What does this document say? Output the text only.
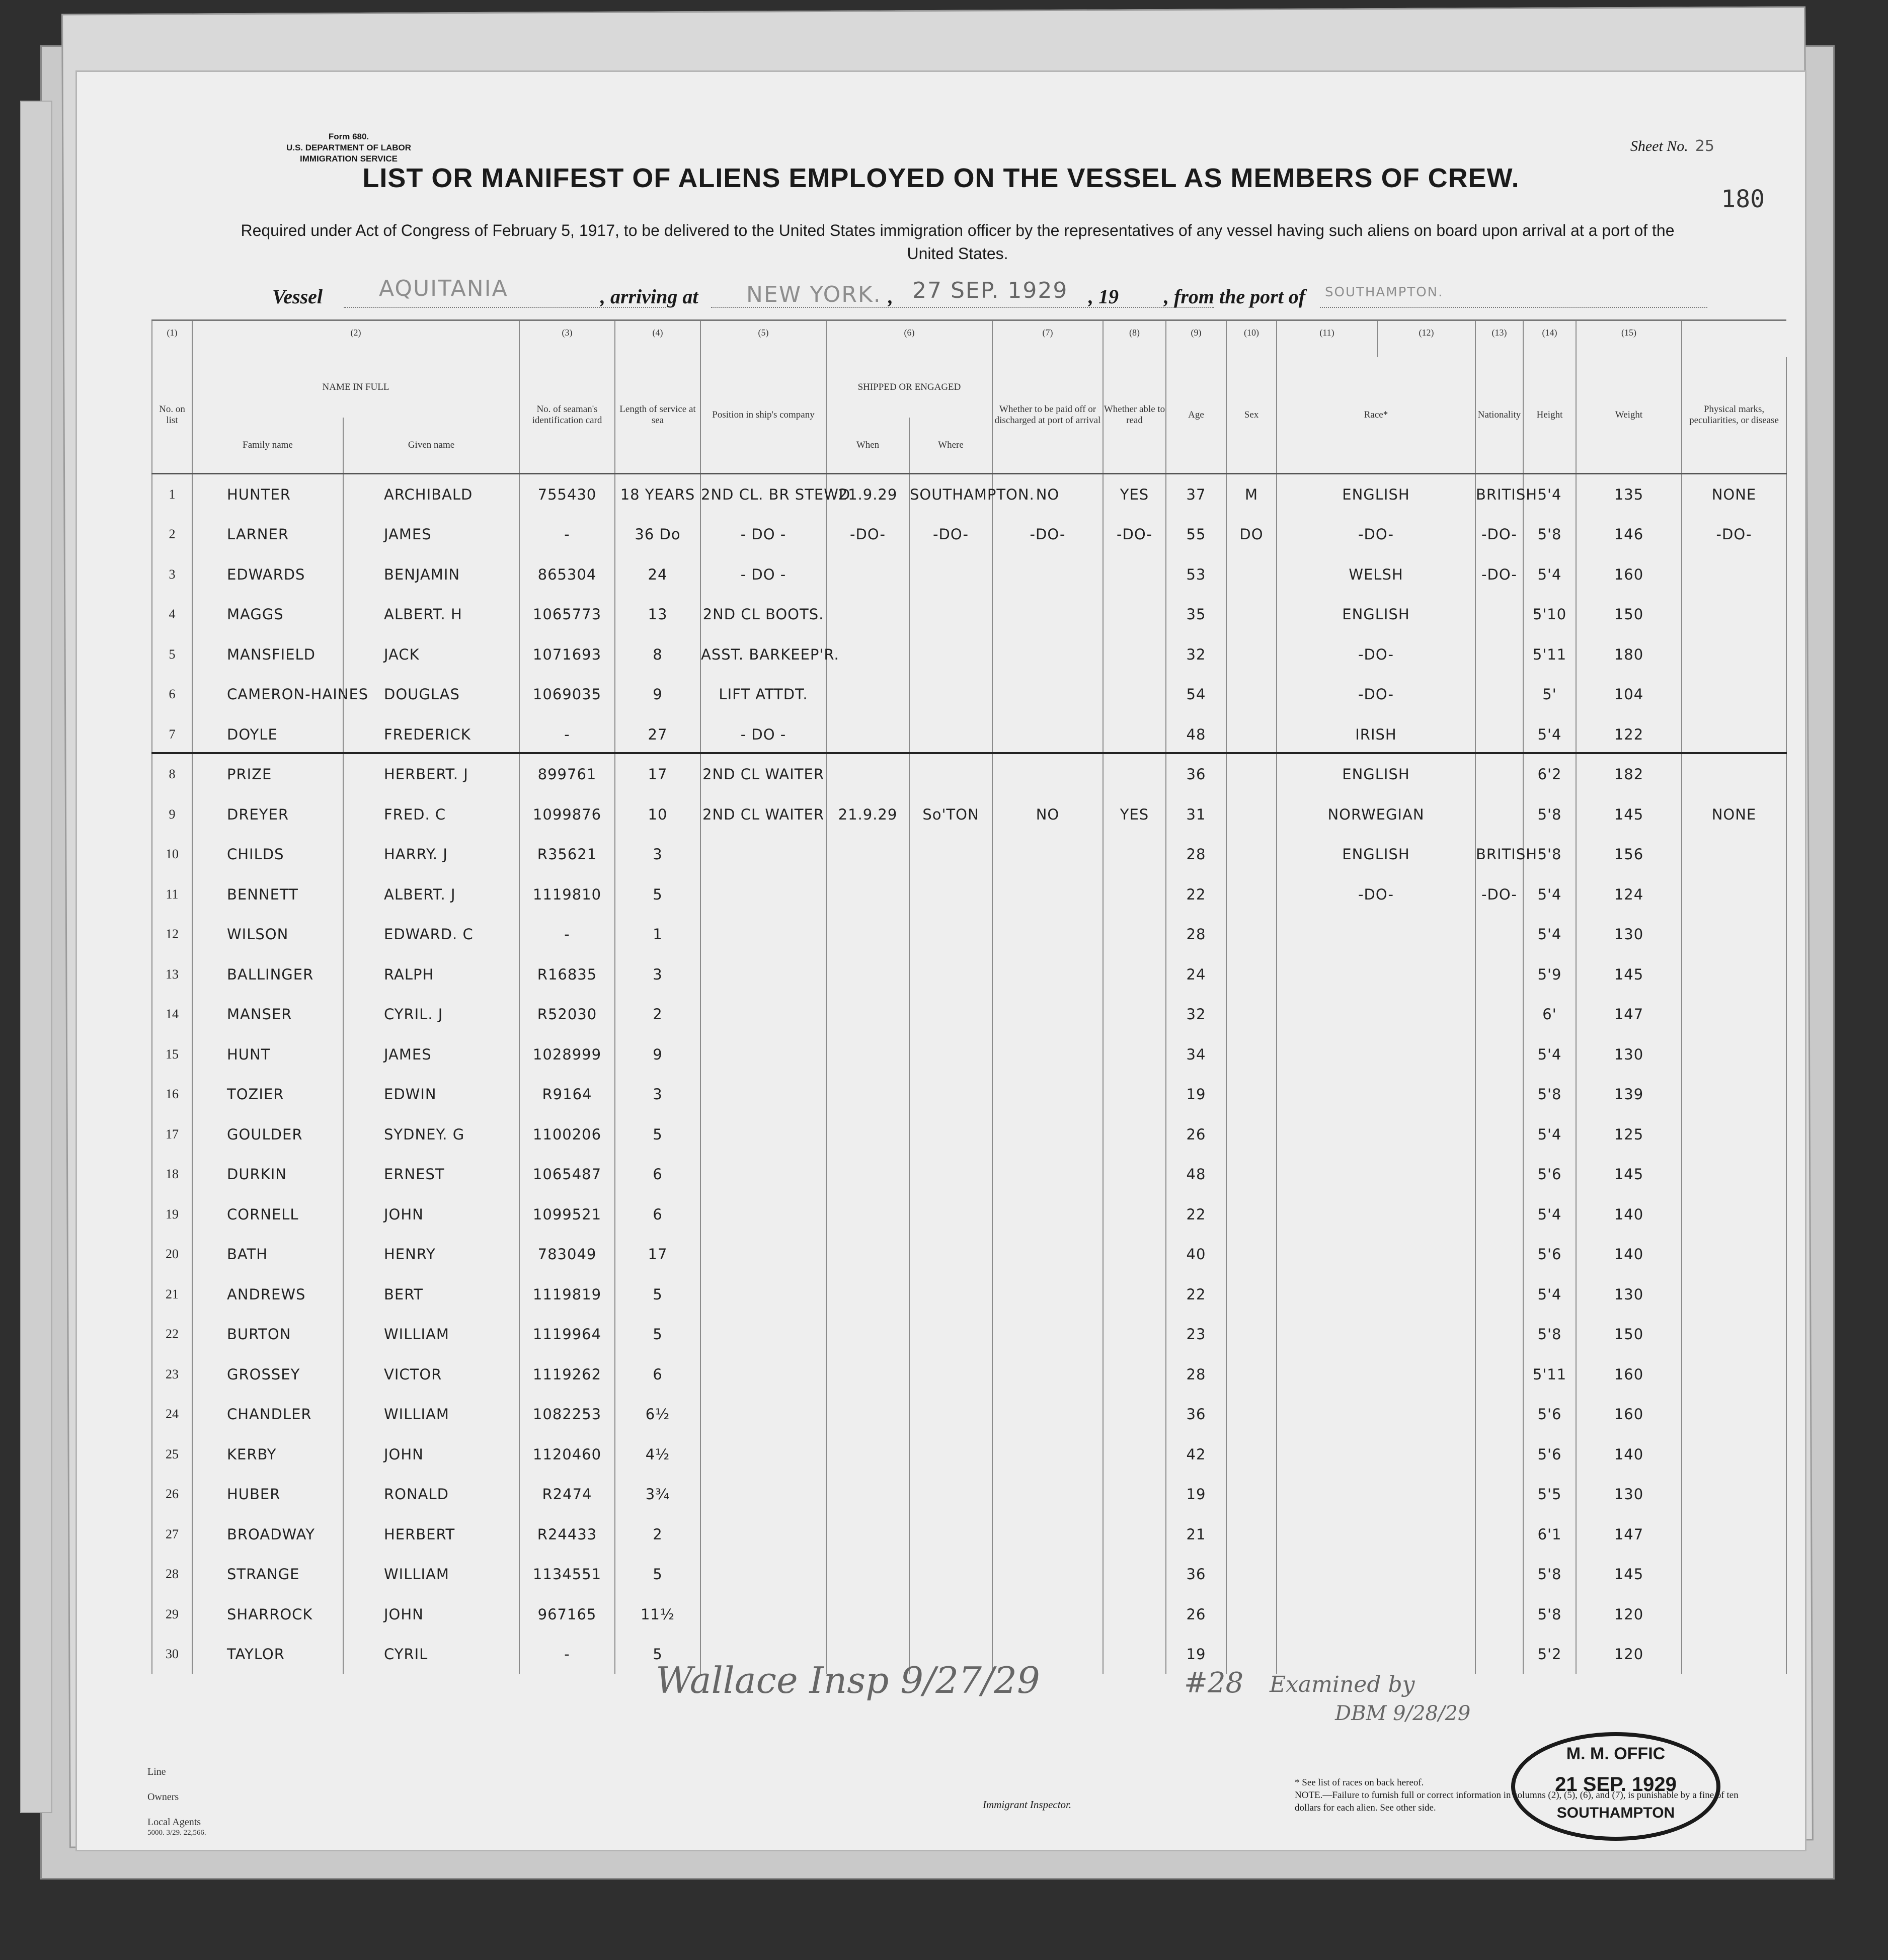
Form 680.
U.S. DEPARTMENT OF LABOR
IMMIGRATION SERVICE
Sheet No. 25
180
LIST OR MANIFEST OF ALIENS EMPLOYED ON THE VESSEL AS MEMBERS OF CREW.
Required under Act of Congress of February 5, 1917, to be delivered to the United States immigration officer by the representatives of any vessel having such aliens on board upon arrival at a port of the United States.
Vessel	AQUITANIA	, arriving at NEW YORK. , 27 SEP. 1929 , 19 , from the port of SOUTHAMPTON.
(1)	(2)		(3)	(4)	(5)	(6)		(7)	(8)	(9)	(10)	(11)	(12)	(13)	(14)	(15)	
No. on list	NAME IN FULL		No. of seaman's identification card	Length of service at sea	Position in ship's company	SHIPPED OR ENGAGED		Whether to be paid off or discharged at port of arrival	Whether able to read	Age	Sex	Race*		Nationality	Height	Weight	Physical marks, peculiarities, or disease
	Family name	Given name				When	Where										
1	HUNTER	ARCHIBALD	755430	18 YEARS	2ND CL. BR STEWD	21.9.29	SOUTHAMPTON.	NO	YES	37	M	ENGLISH		BRITISH	5'4	135	NONE
2	LARNER	JAMES	-	36 Do	- DO -	-DO-	-DO-	-DO-	-DO-	55	DO	-DO-		-DO-	5'8	146	-DO-
3	EDWARDS	BENJAMIN	865304	24	- DO -					53		WELSH		-DO-	5'4	160	
4	MAGGS	ALBERT. H	1065773	13	2ND CL BOOTS.					35		ENGLISH			5'10	150	
5	MANSFIELD	JACK	1071693	8	ASST. BARKEEP'R.					32		-DO-			5'11	180	
6	CAMERON-HAINES	DOUGLAS	1069035	9	LIFT ATTDT.					54		-DO-			5'	104	
7	DOYLE	FREDERICK	-	27	- DO -					48		IRISH			5'4	122	
8	PRIZE	HERBERT. J	899761	17	2ND CL WAITER					36		ENGLISH			6'2	182	
9	DREYER	FRED. C	1099876	10	2ND CL WAITER	21.9.29	So'TON	NO	YES	31		NORWEGIAN			5'8	145	NONE
10	CHILDS	HARRY. J	R35621	3						28		ENGLISH		BRITISH	5'8	156	
11	BENNETT	ALBERT. J	1119810	5						22		-DO-		-DO-	5'4	124	
12	WILSON	EDWARD. C	-	1						28					5'4	130	
13	BALLINGER	RALPH	R16835	3						24					5'9	145	
14	MANSER	CYRIL. J	R52030	2						32					6'	147	
15	HUNT	JAMES	1028999	9						34					5'4	130	
16	TOZIER	EDWIN	R9164	3						19					5'8	139	
17	GOULDER	SYDNEY. G	1100206	5						26					5'4	125	
18	DURKIN	ERNEST	1065487	6						48					5'6	145	
19	CORNELL	JOHN	1099521	6						22					5'4	140	
20	BATH	HENRY	783049	17						40					5'6	140	
21	ANDREWS	BERT	1119819	5						22					5'4	130	
22	BURTON	WILLIAM	1119964	5						23					5'8	150	
23	GROSSEY	VICTOR	1119262	6						28					5'11	160	
24	CHANDLER	WILLIAM	1082253	6½						36					5'6	160	
25	KERBY	JOHN	1120460	4½						42					5'6	140	
26	HUBER	RONALD	R2474	3¾						19					5'5	130	
27	BROADWAY	HERBERT	R24433	2						21					6'1	147	
28	STRANGE	WILLIAM	1134551	5						36					5'8	145	
29	SHARROCK	JOHN	967165	11½						26					5'8	120	
30	TAYLOR	CYRIL	-	5						19					5'2	120	
Wallace Insp 9/27/29	#28 Examined by
DBM 9/28/29
M. M. OFFIC
21 SEP. 1929
SOUTHAMPTON
Line
Owners
Local Agents
5000. 3/29. 22,566.
Immigrant Inspector.
* See list of races on back hereof.
NOTE.—Failure to furnish full or correct information in columns (2), (5), (6), and (7), is punishable by a fine of ten dollars for each alien. See other side.
